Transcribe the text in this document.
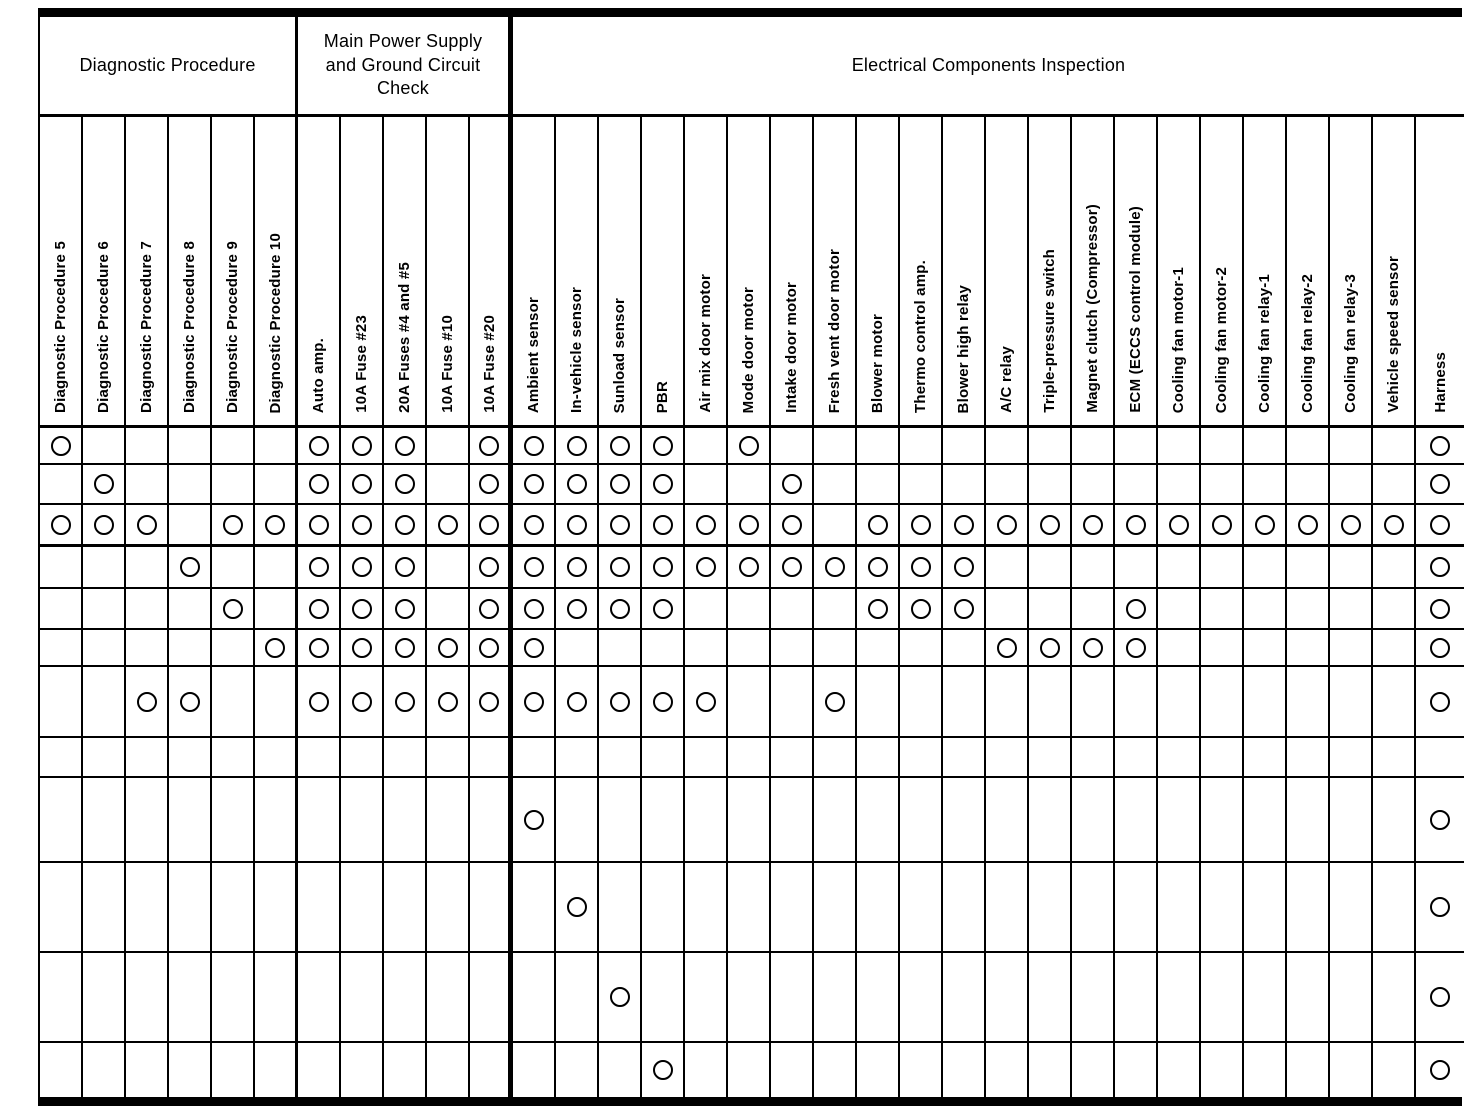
Diagnostic Procedure
Main Power Supply and Ground Circuit Check
Electrical Components Inspection
Diagnostic Procedure 5 Diagnostic Procedure 6 Diagnostic Procedure 7 Diagnostic Procedure 8 Diagnostic Procedure 9 Diagnostic Procedure 10 Auto amp. 10A Fuse #23 20A Fuses #4 and #5 10A Fuse #10 10A Fuse #20 Ambient sensor In-vehicle sensor Sunload sensor PBR Air mix door motor Mode door motor Intake door motor Fresh vent door motor Blower motor Thermo control amp. Blower high relay A/C relay Triple-pressure switch Magnet clutch (Compressor) ECM (ECCS control module) Cooling fan motor-1 Cooling fan motor-2 Cooling fan relay-1 Cooling fan relay-2 Cooling fan relay-3 Vehicle speed sensor Harness
